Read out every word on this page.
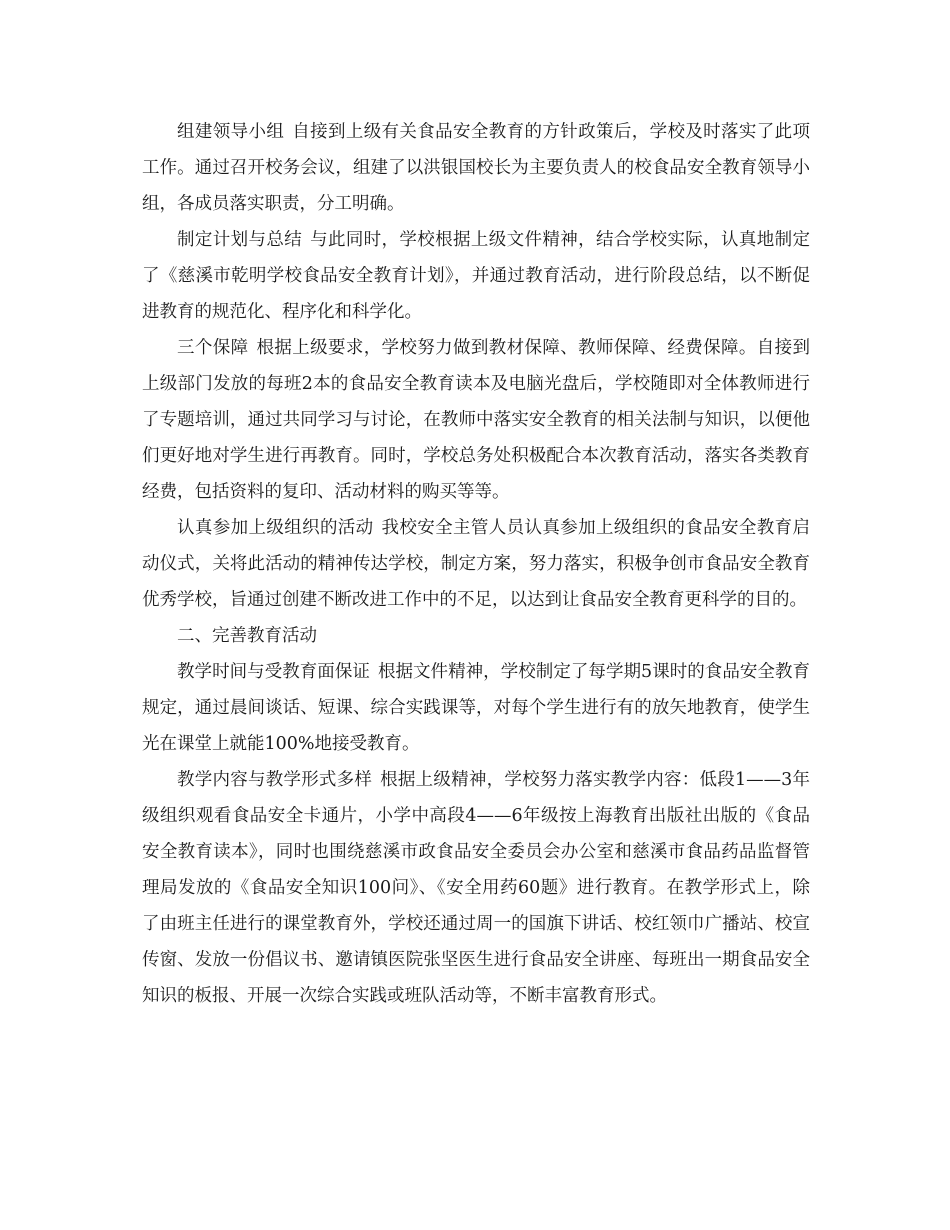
组建领导小组 自接到上级有关食品安全教育的方针政策后，学校及时落实了此项工作。通过召开校务会议，组建了以洪银国校长为主要负责人的校食品安全教育领导小组，各成员落实职责，分工明确。

制定计划与总结 与此同时，学校根据上级文件精神，结合学校实际，认真地制定了《慈溪市乾明学校食品安全教育计划》，并通过教育活动，进行阶段总结，以不断促进教育的规范化、程序化和科学化。

三个保障 根据上级要求，学校努力做到教材保障、教师保障、经费保障。自接到上级部门发放的每班2本的食品安全教育读本及电脑光盘后，学校随即对全体教师进行了专题培训，通过共同学习与讨论，在教师中落实安全教育的相关法制与知识，以便他们更好地对学生进行再教育。同时，学校总务处积极配合本次教育活动，落实各类教育经费，包括资料的复印、活动材料的购买等等。

认真参加上级组织的活动 我校安全主管人员认真参加上级组织的食品安全教育启动仪式，关将此活动的精神传达学校，制定方案，努力落实，积极争创市食品安全教育优秀学校，旨通过创建不断改进工作中的不足，以达到让食品安全教育更科学的目的。

二、完善教育活动

教学时间与受教育面保证 根据文件精神，学校制定了每学期5课时的食品安全教育规定，通过晨间谈话、短课、综合实践课等，对每个学生进行有的放矢地教育，使学生光在课堂上就能100%地接受教育。

教学内容与教学形式多样 根据上级精神，学校努力落实教学内容：低段1——3年级组织观看食品安全卡通片，小学中高段4——6年级按上海教育出版社出版的《食品安全教育读本》，同时也围绕慈溪市政食品安全委员会办公室和慈溪市食品药品监督管理局发放的《食品安全知识100问》、《安全用药60题》进行教育。在教学形式上，除了由班主任进行的课堂教育外，学校还通过周一的国旗下讲话、校红领巾广播站、校宣传窗、发放一份倡议书、邀请镇医院张坚医生进行食品安全讲座、每班出一期食品安全知识的板报、开展一次综合实践或班队活动等，不断丰富教育形式。
